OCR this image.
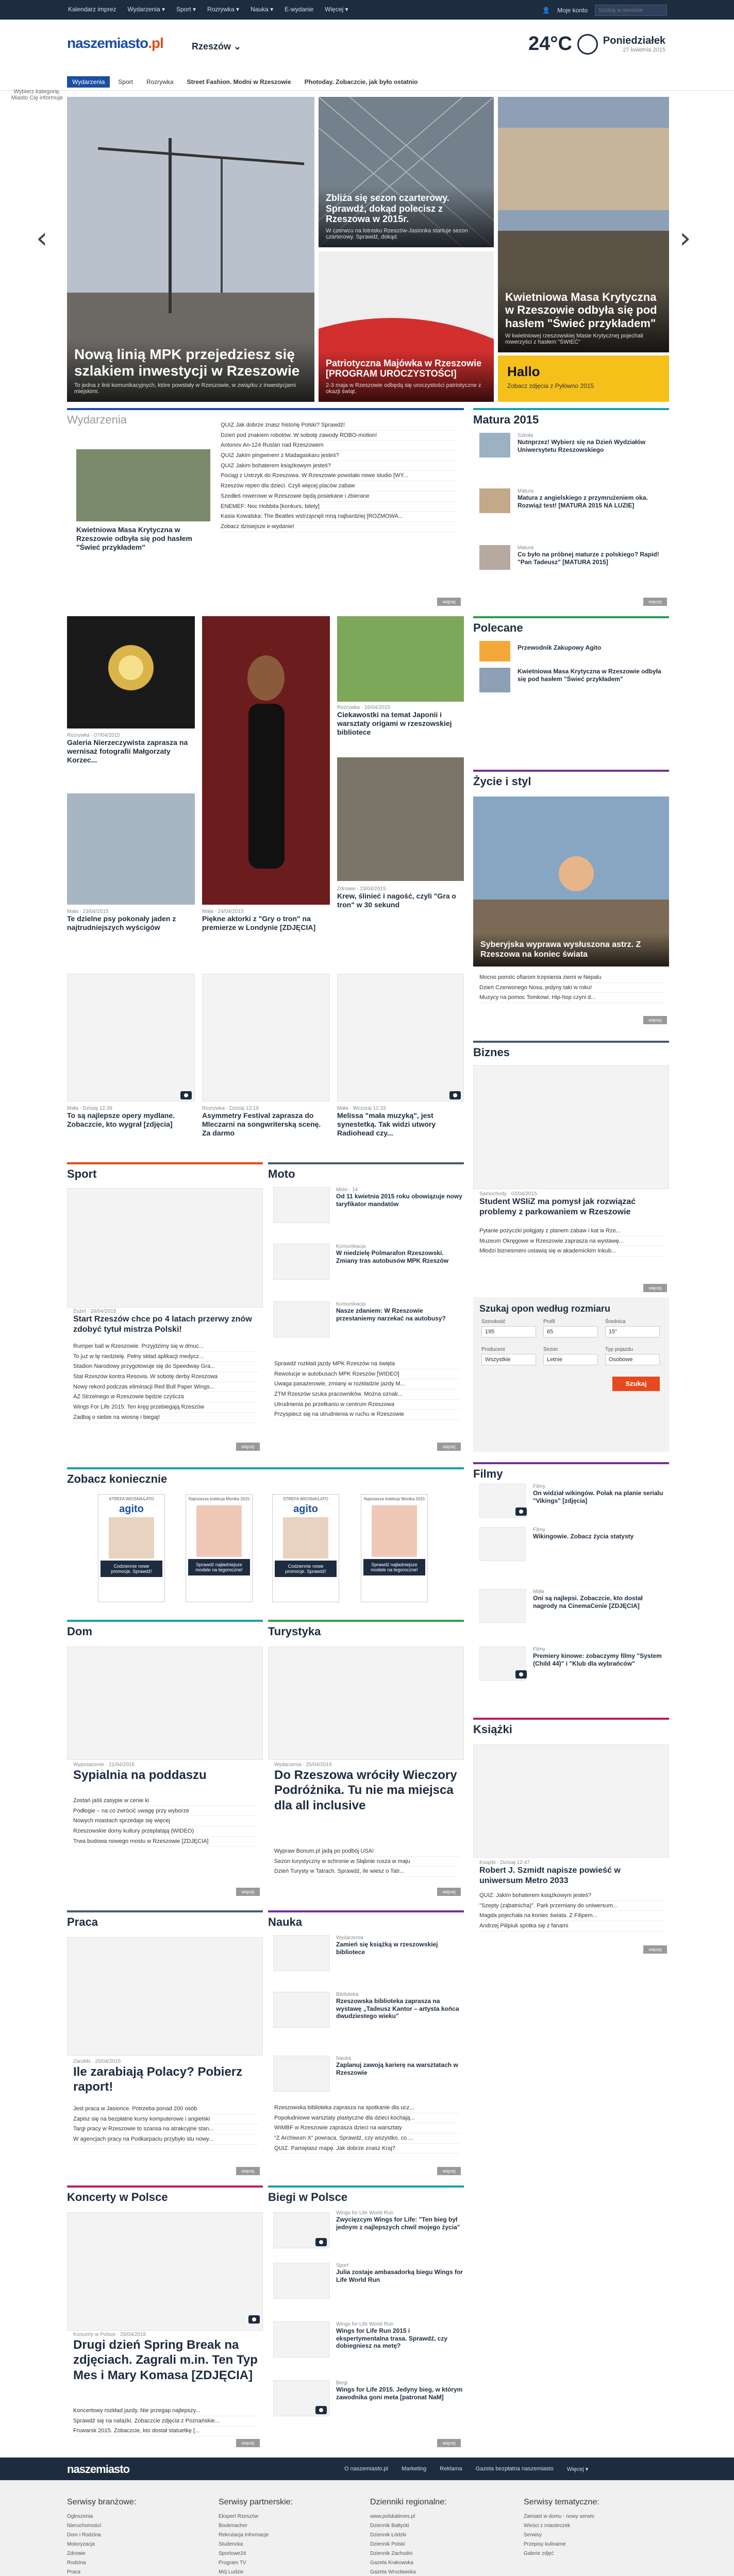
Kalendarz imprez Wydarzenia ▾ Sport ▾ Rozrywka ▾ Nauka ▾ E-wydanie Więcej ▾	👤 Moje konto
Szukaj w serwisie
naszemiasto.pl	Rzeszów ⌄	24°C	Poniedziałek
27 kwietnia 2015
Wydarzenia	Sport	Rozrywka	Street Fashion. Modni w Rzeszowie	Photoday. Zobaczcie, jak było ostatnio
Wybierz kategorię. Miasto Cię informuje
‹	›
Nową linią MPK przejedziesz się szlakiem inwestycji w Rzeszowie
To jedna z linii komunikacyjnych, które powstały w Rzeszowie, w związku z inwestycjami miejskimi.
Zbliża się sezon czarterowy. Sprawdź, dokąd polecisz z Rzeszowa w 2015r.
W czerwcu na lotnisku Rzeszów-Jasionka startuje sezon czarterowy. Sprawdź, dokąd.
Patriotyczna Majówka w Rzeszowie [PROGRAM UROCZYSTOŚCI]
2-3 maja w Rzeszowie odbędą się uroczystości patriotyczne z okazji świąt.
Kwietniowa Masa Krytyczna w Rzeszowie odbyła się pod hasłem "Świeć przykładem"
W kwietniowej rzeszowskiej Masie Krytycznej pojechali rowerzyści z hasłem "ŚWIEĆ"
Hallo
Zobacz zdjęcia z Pyłówno 2015
Wydarzenia
Kwietniowa Masa Krytyczna w Rzeszowie odbyła się pod hasłem "Świeć przykładem"
QUIZ Jak dobrze znasz historię Polski? Sprawdź!
Dzień pod znakiem robotów. W sobotę zawody ROBO-motion!
Antonov An-124 Ruslan nad Rzeszowem
QUIZ Jakim pingwinem z Madagaskaru jesteś?
QUIZ Jakim bohaterem książkowym jesteś?
Pociąg z Ustrzyk do Rzeszowa. W Rzeszowie powstało nowe studio [WY...
Rzeszów repen dla dzieci. Czyli więcej placów zabaw
Szedłeś rowerowe w Rzeszowie będą posiekane i zbierane
ENEMEF: Noc Hobbita [konkurs, bilety]
Kasia Kowalska: The Beatles wstrząsnęli mną najbardziej [ROZMOWA...
Zobacz dzisiejsze e-wydanie!
więcej
Matura 2015
Szkoła
Nutnprzez! Wybierz się na Dzień Wydziałów Uniwersytetu Rzeszowskiego
Matura
Matura z angielskiego z przymrużeniem oka. Rozwiąż test! [MATURA 2015 NA LUZIE]
Matura
Co było na próbnej maturze z polskiego? Rapid! "Pan Tadeusz" [MATURA 2015]
więcej
Rozrywka · 07/04/2015
Galeria Nierzeczywista zaprasza na wernisaż fotografii Małgorzaty Korzec...
Mała · 24/04/2015
Piękne aktorki z "Gry o tron" na premierze w Londynie [ZDJĘCIA]
Rozrywka · 16/04/2015
Ciekawostki na temat Japonii i warsztaty origami w rzeszowskiej bibliotece
Mała · 23/04/2015
Te dzielne psy pokonały jaden z najtrudniejszych wyścigów
Zdrowie · 23/04/2015
Krew, ślinieć i nagość, czyli "Gra o tron" w 30 sekund
Polecane
Przewodnik Zakupowy Agito
Kwietniowa Masa Krytyczna w Rzeszowie odbyła się pod hasłem "Świeć przykładem"
Życie i styl
Syberyjska wyprawa wysłuszona astrz. Z Rzeszowa na koniec świata
Mocno pomóc ofiarom trzęsienia ziemi w Nepalu
Dzień Czerwonego Nosa, jedyny taki w roku!
Muzycy na pomoc Tomkowi. Hip-hop czyni d...
więcej
Mała · Dzisiaj 12:39
To są najlepsze opery mydlane. Zobaczcie, kto wygrał [zdjęcia]
Rozrywka · Dzisiaj 12:19
Asymmetry Festival zaprasza do Mleczarni na songwriterską scenę. Za darmo
Mała · Wczoraj 12:33
Melissa "mała muzyką", jest synestetką. Tak widzi utwory Radiohead czy...
Biznes
Samochody · 02/04/2015
Student WSIiZ ma pomysł jak rozwiązać problemy z parkowaniem w Rzeszowie
Pytanie pożyczki poligjaty z planem zabaw i kat w Rze...
Muzeum Okręgowe w Rzeszowie zaprasza na wystawę...
Młodzi biznesmeni ustawią się w akademickim Inkub...
więcej
Sport
Żużel · 24/04/2015
Start Rzeszów chce po 4 latach przerwy znów zdobyć tytuł mistrza Polski!
Rumper ball w Rzeszowie. Przyjdzimy się w dmuc...
To już w tę niedzielę. Pełny skład aplikacji medycz...
Stadion Narodowy przygotowuje się do Speedway Gra...
Stal Rzeszów kontra Resovia. W sobotę derby Rzeszowa
Nowy rekord podczas eliminacji Red Bull Paper Wings...
AZ Strzelnego w Rzeszowie będzie czyścza
Wings For Life 2015: Ten kręg przebiegają Rzeszów
Zadbaj o siebie na wiosnę i biegaj!
więcej
Moto
Moto · 14
Od 11 kwietnia 2015 roku obowiązuje nowy taryfikator mandatów
Komunikacja
W niedzielę Polmarafon Rzeszowski. Zmiany tras autobusów MPK Rzeszów
Komunikacja
Nasze zdaniem: W Rzeszowie przestaniemy narzekać na autobusy?
Sprawdź rozkład jazdy MPK Rzeszów na święta
Rewolucje w autobusach MPK Rzeszów [WIDEO]
Uwaga pasażerowie, zmiany w rozkładzie jazdy M...
ZTM Rzeszów szuka pracowników. Można oznak...
Utrudnienia po przetkaniu w centrum Rzeszowa
Przyspiecz się na utrudnienia w ruchu w Rzeszowie
więcej
Szukaj opon według rozmiaru
Szerokość
195
Profil
65
Średnica
15"
Producent
Wszystkie
Sezon
Letnie
Typ pojazdu
Osobowe
Szukaj
Zobacz koniecznie
STREFA WIOSNA/LATO
agito
Codziennie nowe promocje. Sprawdź!
Najnowsza kolekcja Monika 2015
Sprawdź najładniejsze modele na tegoroczne!
STREFA WIOSNA/LATO
agito
Codziennie nowe promocje. Sprawdź!
Najnowsza kolekcja Monika 2015
Sprawdź najładniejsze modele na tegoroczne!
Filmy
Filmy
On widział wikingów. Polak na planie serialu "Vikings" [zdjęcia]
Filmy
Wikingowie. Zobacz życia statysty
Mała
Oni są najlepsi. Zobaczcie, kto dostał nagrody na CinemaCenie [ZDJĘCIA]
Filmy
Premiery kinowe: zobaczymy filmy "System (Child 44)" i "Klub dla wybrańców"
Dom
Wyposażenie · 21/04/2015
Sypialnia na poddaszu
Zostań jaśli zasypie w cenie ki
Podłogie – na co zwrócić uwagę przy wyborze
Nowych miastach sprzedaje się więcej
Rzeszowskie domy kultury przeplatają (WIDEO)
Trwa budowa nowego mostu w Rzeszowie [ZDJĘCIA]
więcej
Turystyka
Wydarzenia · 25/04/2015
Do Rzeszowa wróciły Wieczory Podróżnika. Tu nie ma miejsca dla all inclusive
Wypraw Bonum.pl jadą po podbój USA!
Sezon turystyczny w schronie w Słąbnie rusza w maju
Dzień Turysty w Tatrach. Sprawdź, ile wiesz o Tatr...
więcej
Książki
Książki · Dzisiaj 12:47
Robert J. Szmidt napisze powieść w uniwersum Metro 2033
QUIZ: Jakim bohaterem książkowym jesteś?
"Szepty (ząbatnicha)". Park przemiany do uniwersum...
Magda pojechała na koniec świata. Z Filipem...
Andrzej Pilipiuk spotka się z fanami
więcej
Praca
Zarobki · 25/04/2015
Ile zarabiają Polacy? Pobierz raport!
Jest praca w Jasionce. Potrzeba ponad 200 osób
Zapisz się na bezpłatne kursy komputerowe i angielski
Targi pracy w Rzeszowie to szansa na atrakcyjne stan...
W agencjach pracy na Podkarpaciu przybyło stu nowy...
więcej
Nauka
Wydarzenia
Zamień się książką w rzeszowskiej bibliotece
Biblioteka
Rzeszowska biblioteka zaprasza na wystawę „Tadeusz Kantor – artysta końca dwudziestego wieku"
Nauka
Zaplanuj zawoją karierę na warsztatach w Rzeszowie
Rzeszowska biblioteka zaprasza na spotkanie dla ucz...
Popołudniowe warsztaty plastyczne dla dzieci kochają...
WIMBF w Rzeszowie zaprasza dzieci na warsztaty
"Z Archiwum X" powraca. Sprawdź, czy wszystko, co ...
QUIZ. Pamiętasz mapę. Jak dobrze znasz Kraj?
więcej
Koncerty w Polsce
Koncerty w Polsce · 25/04/2015
Drugi dzień Spring Break na zdjęciach. Zagrali m.in. Ten Typ Mes i Mary Komasa [ZDJĘCIA]
Koncertowy rozkład jazdy. Nie przegap najlepszy...
Sprawdź się na nalażki. Zobaczcie zdjęcia z Poznańskie...
Fruwarsk 2015. Zobaczcie, kto dostał statuetkę [...
więcej
Biegi w Polsce
Wings for Life World Run
Zwycięzcym Wings for Life: "Ten bieg był jednym z najlepszych chwil mojego życia"
Sport
Julia zostaje ambasadorką biegu Wings for Life World Run
Wings for Life World Run
Wings for Life Run 2015 i ekspertymentalna trasa. Sprawdź, czy dobiegniesz na metę?
Biegi
Wings for Life 2015. Jedyny bieg, w którym zawodnika goni meta [patronat NaM]
więcej
naszemiasto	O naszemiasto.pl Marketing Reklama Gazeta bezpłatna naszemiasto Więcej ▾
Serwisy branżowe:
Ogłoszenia
Nieruchomości
Dom i Rodzina
Motoryzacja
Zdrowie
Rodzina
Praca
Serwisy partnerskie:
Ekspert Rzeszów
Bookmacher
Rekrutacja Informacje
Studencka
Sportowe24
Program TV
Mój Ludzie
Dzienniki regionalne:
www.polskatimes.pl
Dziennik Bałtycki
Dziennik Łódzki
Dziennik Polski
Dziennik Zachodni
Gazeta Krakowska
Gazeta Wrocławska
Serwisy tematyczne:
Zamiast w domu - nowy serwis
Wieści z miasteczek
Serwisy
Przepisy kulinarne
Galerie zdjęć
